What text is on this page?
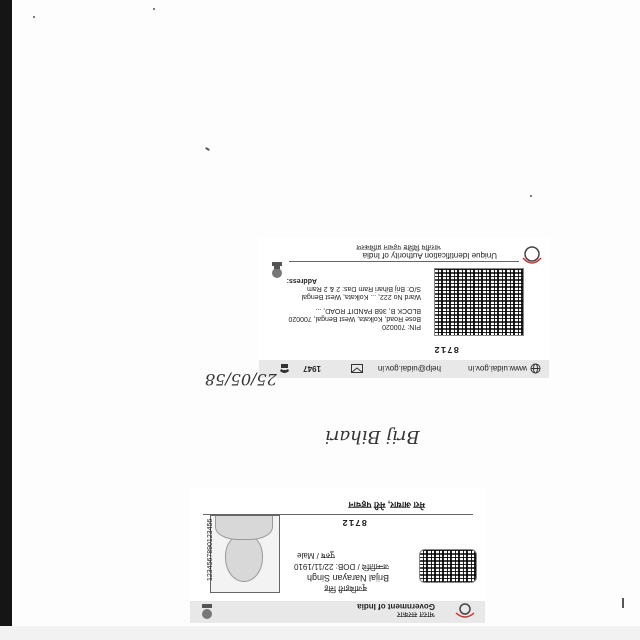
www.uidai.gov.in
help@uidai.gov.in
1947
8712
PIN: 700020
Bose Road, Kolkata, West Bengal, 700020
BLOCK B, 36B PANDIT ROAD, ...
Ward No 222, ... Kolkata, West Bengal
S/O: Brij Bihari Ram Das: 2 & 2 Ram
Address:
Unique Identification Authority of India
भारतीय विशिष्ट पहचान प्राधिकरण
25/05/58
Brij Bihari
भारत सरकार
Government of India
1234567890123456
बृजबिहारी सिंह
Brijal Narayan Singh
जन्मतिथि / DOB: 22/11/1910
पुरुष / Male
8712
मेरा आधार, मेरी पहचान
